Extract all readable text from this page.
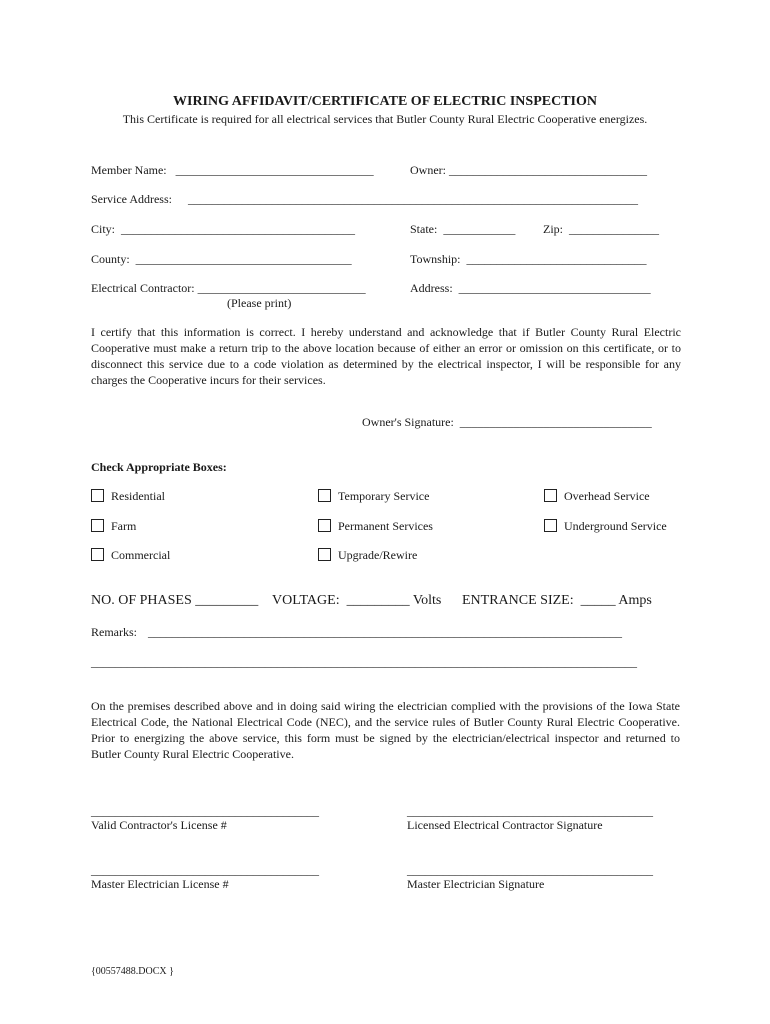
WIRING AFFIDAVIT/CERTIFICATE OF ELECTRIC INSPECTION
This Certificate is required for all electrical services that Butler County Rural Electric Cooperative energizes.
Member Name:   _________________________________	Owner: _________________________________
Service Address: ___________________________________________________________________________
City:  _______________________________________	State:  ____________ Zip:  _______________
County:  ____________________________________	Township:  ______________________________
Electrical Contractor: ____________________________
(Please print)
Address:  ________________________________
I certify that this information is correct. I hereby understand and acknowledge that if Butler County Rural Electric Cooperative must make a return trip to the above location because of either an error or omission on this certificate, or to disconnect this service due to a code violation as determined by the electrical inspector, I will be responsible for any charges the Cooperative incurs for their services.
Owner's Signature:  ________________________________
Check Appropriate Boxes:
Residential	Temporary Service	Overhead Service
Farm	Permanent Services	Underground Service
Commercial	Upgrade/Rewire
NO. OF PHASES _________ VOLTAGE:  _________ Volts ENTRANCE SIZE:  _____ Amps
Remarks: _______________________________________________________________________________
___________________________________________________________________________________________
On the premises described above and in doing said wiring the electrician complied with the provisions of the Iowa State Electrical Code, the National Electrical Code (NEC), and the service rules of Butler County Rural Electric Cooperative. Prior to energizing the above service, this form must be signed by the electrician/electrical inspector and returned to Butler County Rural Electric Cooperative.
______________________________________	_________________________________________
Valid Contractor's License #	Licensed Electrical Contractor Signature
______________________________________	_________________________________________
Master Electrician License #	Master Electrician Signature
{00557488.DOCX }
